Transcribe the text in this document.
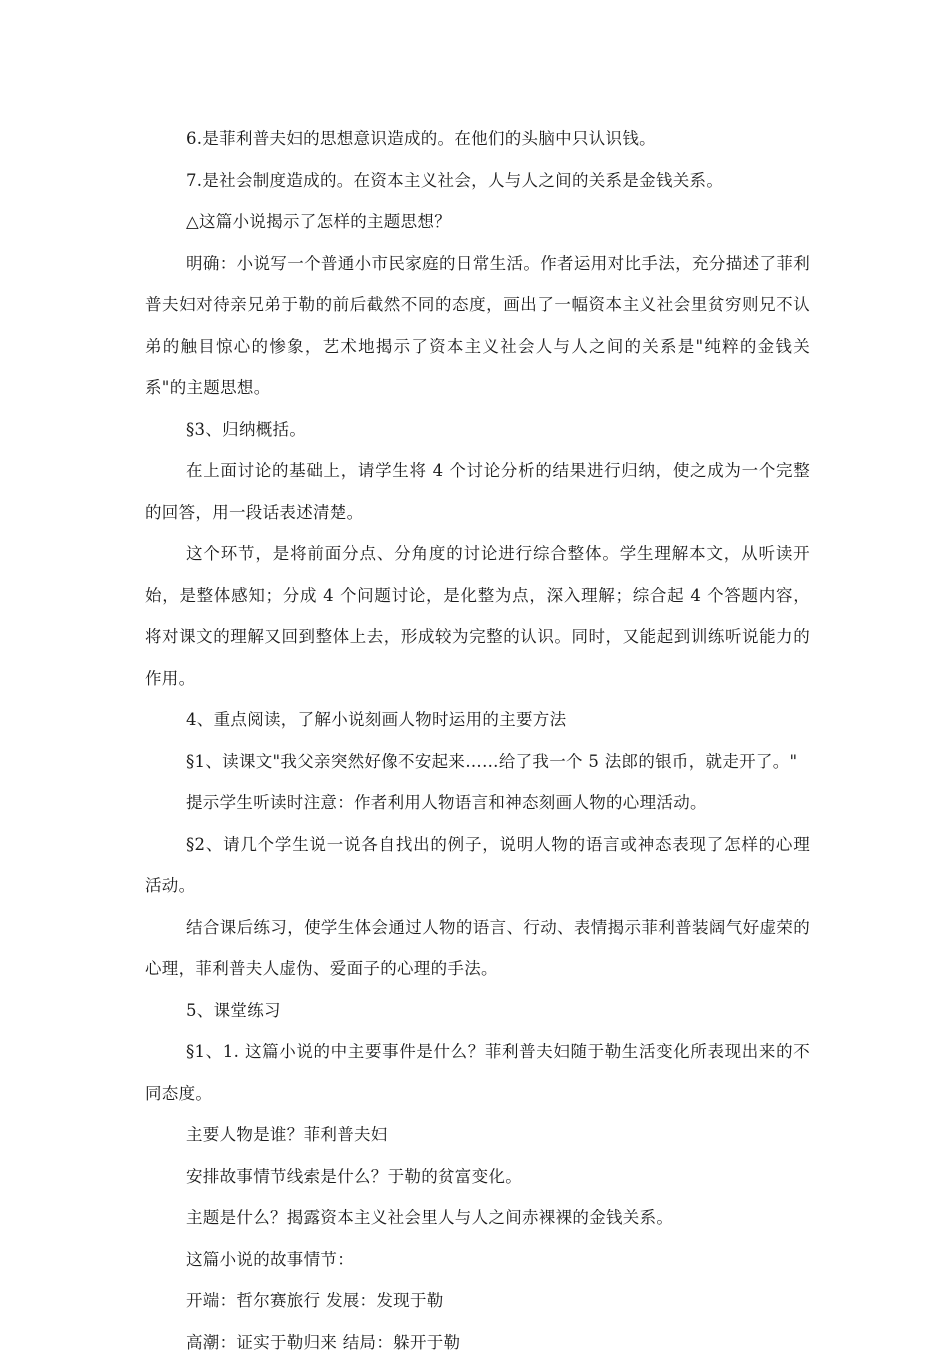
6.是菲利普夫妇的思想意识造成的。在他们的头脑中只认识钱。

7.是社会制度造成的。在资本主义社会，人与人之间的关系是金钱关系。

△这篇小说揭示了怎样的主题思想？

明确：小说写一个普通小市民家庭的日常生活。作者运用对比手法，充分描述了菲利普夫妇对待亲兄弟于勒的前后截然不同的态度，画出了一幅资本主义社会里贫穷则兄不认弟的触目惊心的惨象，艺术地揭示了资本主义社会人与人之间的关系是"纯粹的金钱关系"的主题思想。

§3、归纳概括。

在上面讨论的基础上，请学生将 4 个讨论分析的结果进行归纳，使之成为一个完整的回答，用一段话表述清楚。

这个环节，是将前面分点、分角度的讨论进行综合整体。学生理解本文，从听读开始，是整体感知；分成 4 个问题讨论，是化整为点，深入理解；综合起 4 个答题内容，将对课文的理解又回到整体上去，形成较为完整的认识。同时，又能起到训练听说能力的作用。

4、重点阅读，了解小说刻画人物时运用的主要方法

§1、读课文"我父亲突然好像不安起来……给了我一个 5 法郎的银币，就走开了。"

提示学生听读时注意：作者利用人物语言和神态刻画人物的心理活动。

§2、请几个学生说一说各自找出的例子，说明人物的语言或神态表现了怎样的心理活动。

结合课后练习，使学生体会通过人物的语言、行动、表情揭示菲利普装阔气好虚荣的心理，菲利普夫人虚伪、爱面子的心理的手法。

5、课堂练习

§1、1. 这篇小说的中主要事件是什么？菲利普夫妇随于勒生活变化所表现出来的不同态度。

主要人物是谁？菲利普夫妇

安排故事情节线索是什么？于勒的贫富变化。

主题是什么？揭露资本主义社会里人与人之间赤裸裸的金钱关系。

这篇小说的故事情节：

开端：哲尔赛旅行 发展：发现于勒

高潮：证实于勒归来 结局：躲开于勒
